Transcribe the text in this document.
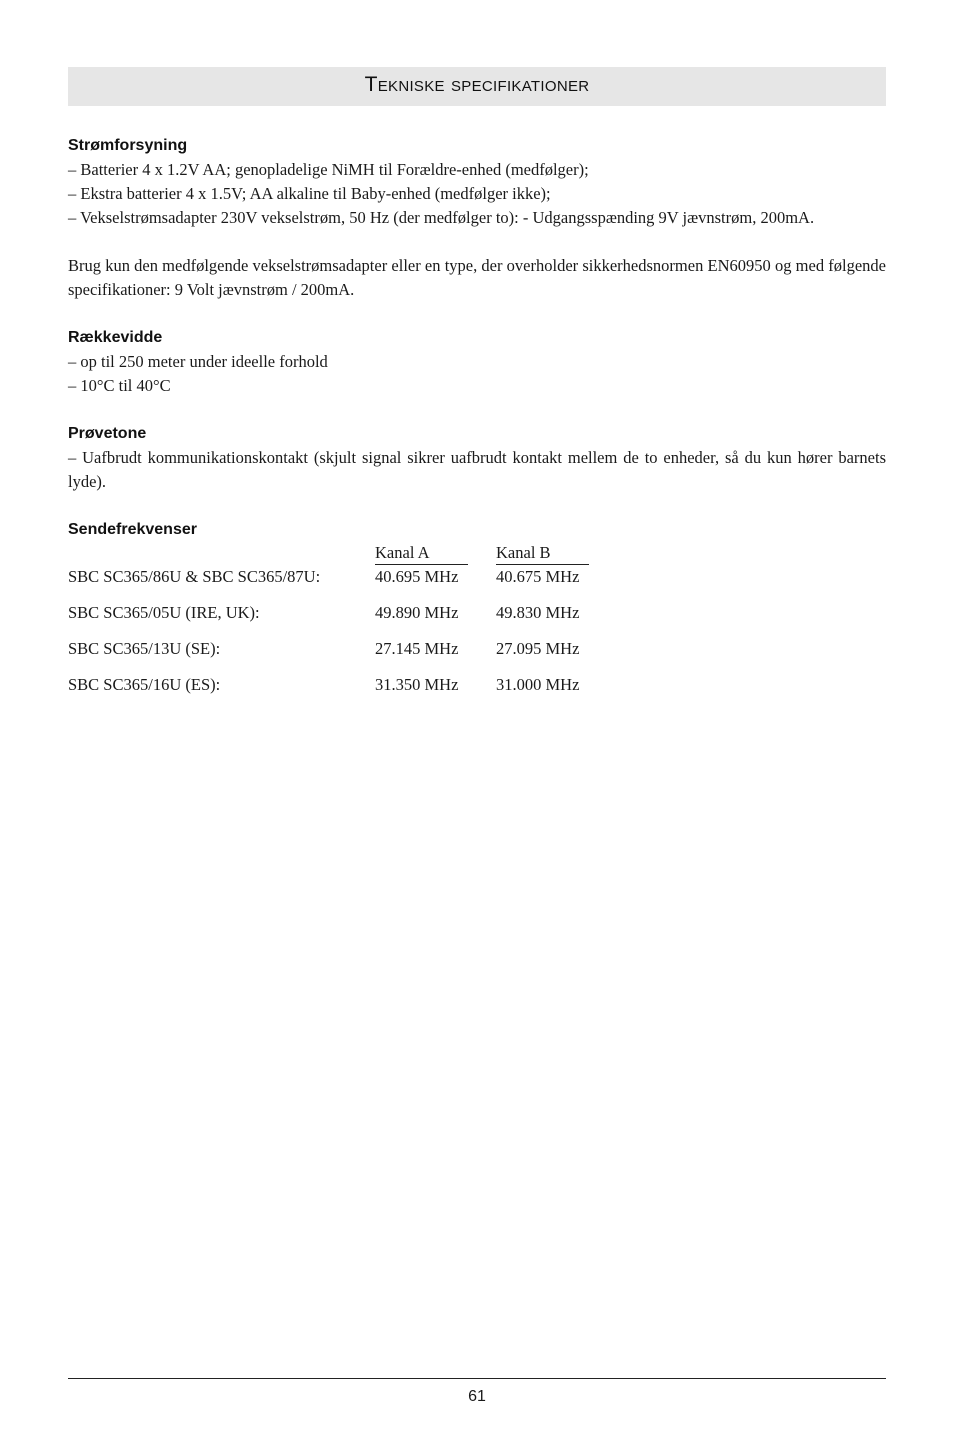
Tekniske specifikationer
Strømforsyning

– Batterier 4 x 1.2V AA; genopladelige NiMH til Forældre-enhed (medfølger);

– Ekstra batterier 4 x 1.5V; AA alkaline til Baby-enhed (medfølger ikke);

– Vekselstrømsadapter 230V vekselstrøm, 50 Hz (der medfølger to): - Udgangsspænding 9V jævnstrøm, 200mA.

Brug kun den medfølgende vekselstrømsadapter eller en type, der overholder sikkerhedsnormen EN60950 og med følgende specifikationer: 9 Volt jævnstrøm / 200mA.

Rækkevidde

– op til 250 meter under ideelle forhold

– 10°C til 40°C

Prøvetone

– Uafbrudt kommunikationskontakt (skjult signal sikrer uafbrudt kontakt mellem de to enheder, så du kun hører barnets lyde).

Sendefrekvenser
	Kanal A	Kanal B
SBC SC365/86U & SBC SC365/87U:	40.695 MHz	40.675 MHz
SBC SC365/05U (IRE, UK):	49.890 MHz	49.830 MHz
SBC SC365/13U (SE):	27.145 MHz	27.095 MHz
SBC SC365/16U (ES):	31.350 MHz	31.000 MHz
61
